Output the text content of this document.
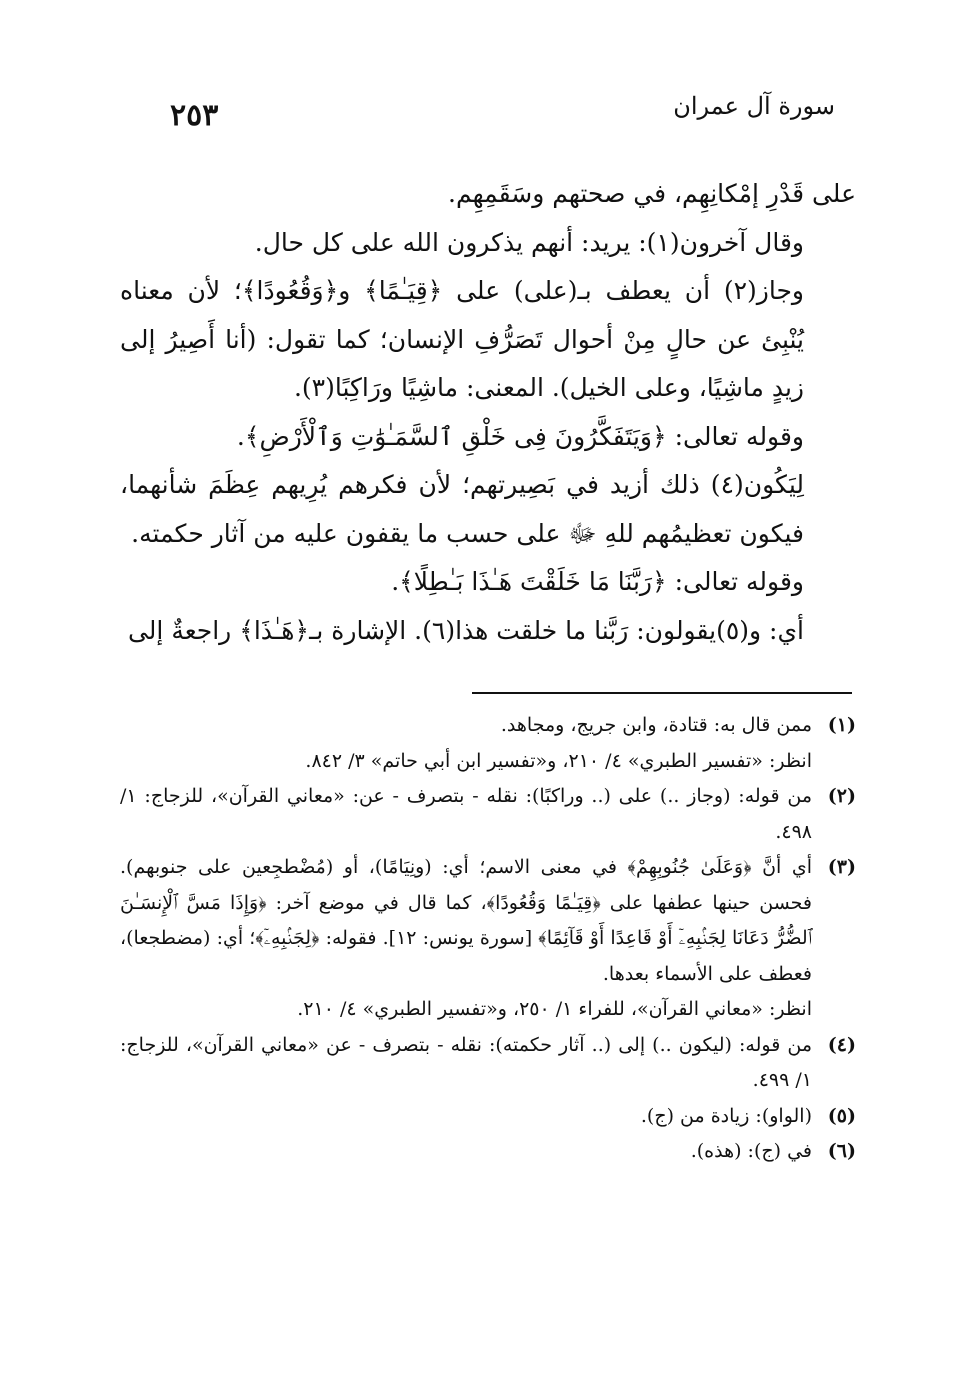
٢٥٣	سورة آل عمران

على قَدْرِ إمْكانِهِم، في صحتهم وسَقَمِهِم.

وقال آخرون(١): يريد: أنهم يذكرون الله على كل حال.

وجاز(٢) أن يعطف بـ(على) على ﴿قِيَـٰمًا﴾ و﴿وَقُعُودًا﴾؛ لأن معناه يُنْبِئ عن حالٍ مِنْ أحوال تَصَرُّفِ الإنسان؛ كما تقول: (أنا أَصِيرُ إلى زيدٍ ماشِيًا، وعلى الخيل). المعنى: ماشِيًا ورَاكِبًا(٣).

وقوله تعالى: ﴿وَيَتَفَكَّرُونَ فِى خَلْقِ ٱلسَّمَـٰوَٰتِ وَٱلْأَرْضِ﴾.

لِيَكُون(٤) ذلك أزيد في بَصِيرتهم؛ لأن فكرهم يُرِيهم عِظَمَ شأنهما، فيكون تعظيمُهم للهِ ﷻ على حسب ما يقفون عليه من آثار حكمته.

وقوله تعالى: ﴿رَبَّنَا مَا خَلَقْتَ هَـٰذَا بَـٰطِلًا﴾.

أي: و(٥)يقولون: رَبَّنا ما خلقت هذا(٦). الإشارة بـ﴿هَـٰذَا﴾ راجعةٌ إلى

(١)

ممن قال به: قتادة، وابن جريج، ومجاهد.

انظر: «تفسير الطبري» ٤/ ٢١٠، و«تفسير ابن أبي حاتم» ٣/ ٨٤٢.

(٢)

من قوله: (وجاز ..) على (.. وراكبًا): نقله - بتصرف - عن: «معاني القرآن»، للزجاج: ١/ ٤٩٨.

(٣)

أي أنَّ ﴿وَعَلَىٰ جُنُوبِهِمْ﴾ في معنى الاسم؛ أي: (ونِيَامًا)، أو (مُضْطجِعين على جنوبهم). فحسن حينها عطفها على ﴿قِيَـٰمًا وَقُعُودًا﴾، كما قال في موضع آخر: ﴿وَإِذَا مَسَّ ٱلْإِنسَـٰنَ ٱلضُّرُّ دَعَانَا لِجَنۢبِهِۦٓ أَوْ قَاعِدًا أَوْ قَآئِمًا﴾ [سورة يونس: ١٢]. فقوله: ﴿لِجَنۢبِهِۦٓ﴾؛ أي: (مضطجعا)، فعطف على الأسماء بعدها.

انظر: «معاني القرآن»، للفراء ١/ ٢٥٠، و«تفسير الطبري» ٤/ ٢١٠.

(٤)

من قوله: (ليكون ..) إلى (.. آثار حكمته): نقله - بتصرف - عن «معاني القرآن»، للزجاج: ١/ ٤٩٩.

(٥)

(الواو): زيادة من (ج).

(٦)

في (ج): (هذه).
